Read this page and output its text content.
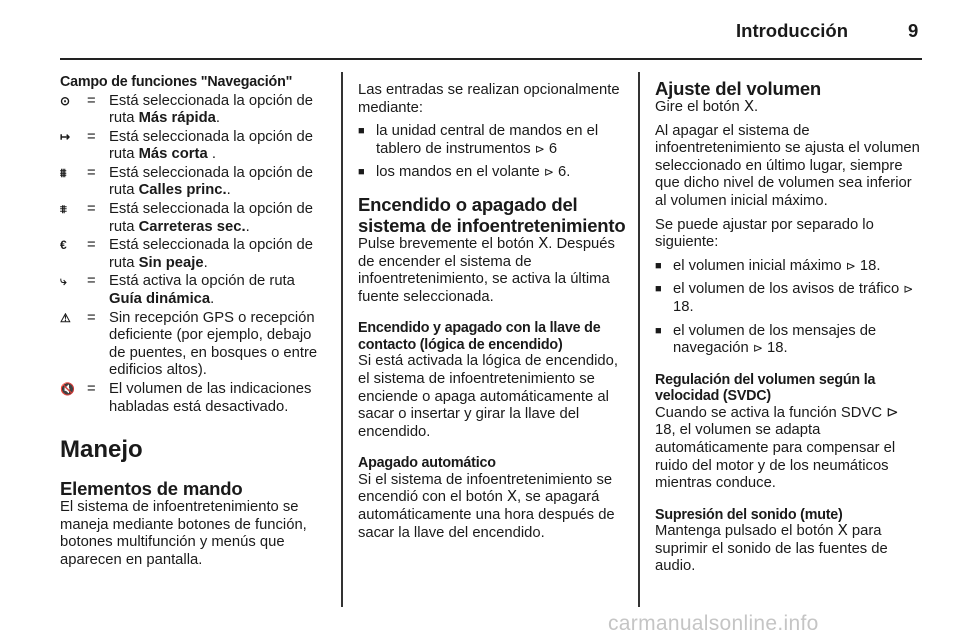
Introducción	9

Campo de funciones "Navegación"

⊙	= Está seleccionada la opción de ruta Más rápida.
↦	= Está seleccionada la opción de ruta Más corta .
⩩	= Está seleccionada la opción de ruta Calles princ..
⩨	= Está seleccionada la opción de ruta Carreteras sec..
€	= Está seleccionada la opción de ruta Sin peaje.
⤷	= Está activa la opción de ruta Guía dinámica.
⚠	= Sin recepción GPS o recepción deficiente (por ejemplo, debajo de puentes, en bosques o entre edificios altos).
🔇 = El volumen de las indicaciones habladas está desactivado.

Manejo

Elementos de mando

El sistema de infoentretenimiento se maneja mediante botones de función, botones multifunción y menús que aparecen en pantalla.

Las entradas se realizan opcionalmente mediante:

■ la unidad central de mandos en el tablero de instrumentos ⊳ 6
■ los mandos en el volante ⊳ 6.

Encendido o apagado del sistema de infoentretenimiento

Pulse brevemente el botón Ⅹ. Después de encender el sistema de infoentretenimiento, se activa la última fuente seleccionada.

Encendido y apagado con la llave de contacto (lógica de encendido)

Si está activada la lógica de encendido, el sistema de infoentretenimiento se enciende o apaga automáticamente al sacar o insertar y girar la llave del encendido.

Apagado automático

Si el sistema de infoentretenimiento se encendió con el botón Ⅹ, se apagará automáticamente una hora después de sacar la llave del encendido.

Ajuste del volumen

Gire el botón Ⅹ.

Al apagar el sistema de infoentretenimiento se ajusta el volumen seleccionado en último lugar, siempre que dicho nivel de volumen sea inferior al volumen inicial máximo.

Se puede ajustar por separado lo siguiente:

■ el volumen inicial máximo ⊳ 18.
■ el volumen de los avisos de tráfico ⊳ 18.
■ el volumen de los mensajes de navegación ⊳ 18.

Regulación del volumen según la velocidad (SVDC)

Cuando se activa la función SDVC ⊳ 18, el volumen se adapta automáticamente para compensar el ruido del motor y de los neumáticos mientras conduce.

Supresión del sonido (mute)

Mantenga pulsado el botón Ⅹ para suprimir el sonido de las fuentes de audio.

carmanualsonline.info
